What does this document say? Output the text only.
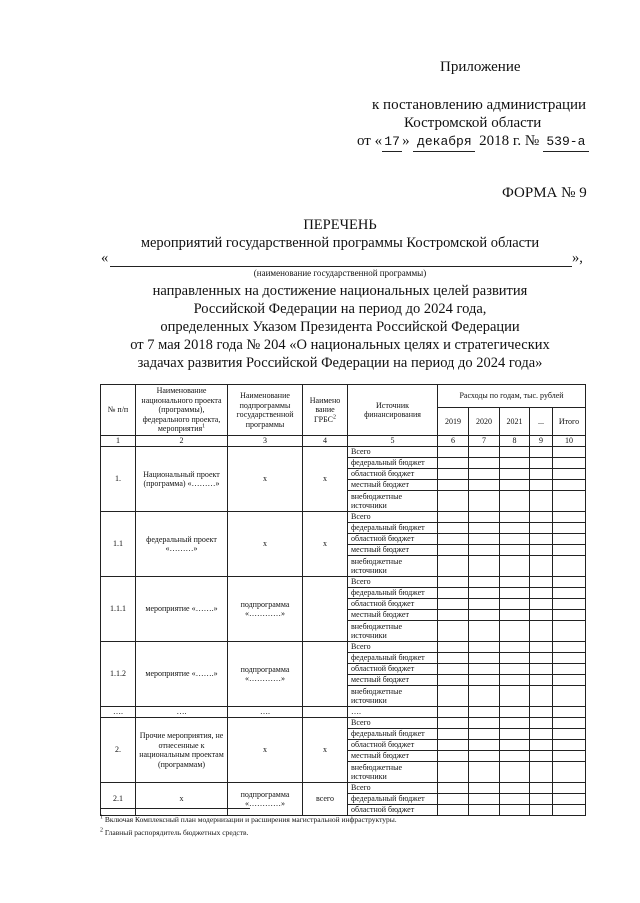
Приложение
к постановлению администрации
Костромской области
от « 17 » декабря 2018 г. № 539-а
ФОРМА № 9
ПЕРЕЧЕНЬ
мероприятий государственной программы Костромской области
«	»,
(наименование государственной программы)
направленных на достижение национальных целей развития
Российской Федерации на период до 2024 года,
определенных Указом Президента Российской Федерации
от 7 мая 2018 года № 204 «О национальных целях и стратегических
задачах развития Российской Федерации на период до 2024 года»
№ п/п	Наименование национального проекта (программы), федерального проекта, мероприятия$^1$	Наименование подпрограммы государственной программы	Наимено вание ГРБС$^2$	Источник финансирования	Расходы по годам, тыс. рублей				
					2019	2020	2021	...	Итого
1	2	3	4	5	6	7	8	9	10
1.	Национальный проект (программа) «………»	х	х	Всего					
				федеральный бюджет					
				областной бюджет					
				местный бюджет					
				внебюджетные источники					
1.1	федеральный проект «………»	х	х	Всего					
				федеральный бюджет					
				областной бюджет					
				местный бюджет					
				внебюджетные источники					
1.1.1	мероприятие «…….»	подпрограмма «…………»		Всего					
				федеральный бюджет					
				областной бюджет					
				местный бюджет					
				внебюджетные источники					
1.1.2	мероприятие «…….»	подпрограмма «…………»		Всего					
				федеральный бюджет					
				областной бюджет					
				местный бюджет					
				внебюджетные источники					
….	….	….		….					
2.	Прочие мероприятия, не отнесенные к национальным проектам (программам)	х	х	Всего					
				федеральный бюджет					
				областной бюджет					
				местный бюджет					
				внебюджетные источники					
2.1	х	подпрограмма «…………»	всего	Всего					
				федеральный бюджет					
				областной бюджет					
$^1$ Включая Комплексный план модернизации и расширения магистральной инфраструктуры.
$^2$ Главный распорядитель бюджетных средств.
